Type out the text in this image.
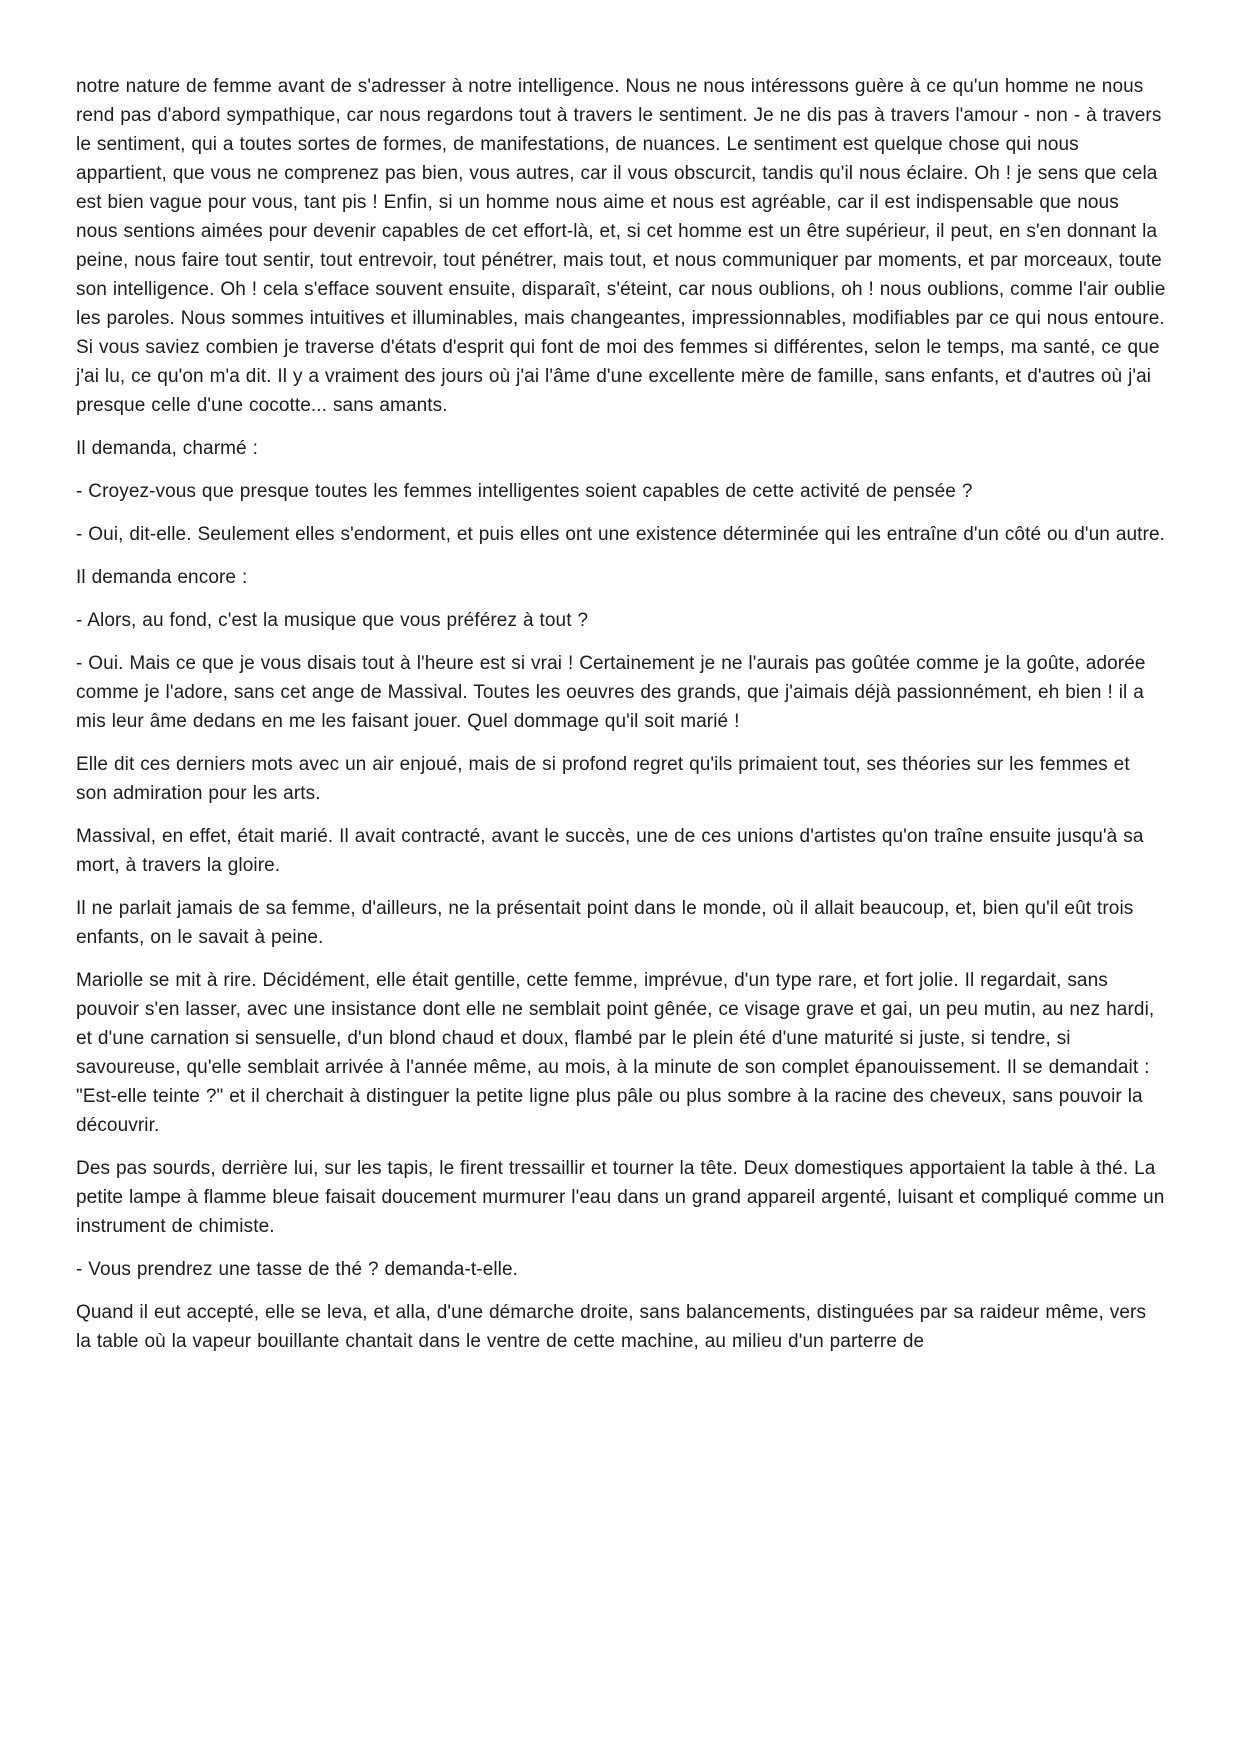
notre nature de femme avant de s'adresser à notre intelligence. Nous ne nous intéressons guère à ce qu'un homme ne nous rend pas d'abord sympathique, car nous regardons tout à travers le sentiment. Je ne dis pas à travers l'amour - non - à travers le sentiment, qui a toutes sortes de formes, de manifestations, de nuances. Le sentiment est quelque chose qui nous appartient, que vous ne comprenez pas bien, vous autres, car il vous obscurcit, tandis qu'il nous éclaire. Oh ! je sens que cela est bien vague pour vous, tant pis ! Enfin, si un homme nous aime et nous est agréable, car il est indispensable que nous nous sentions aimées pour devenir capables de cet effort-là, et, si cet homme est un être supérieur, il peut, en s'en donnant la peine, nous faire tout sentir, tout entrevoir, tout pénétrer, mais tout, et nous communiquer par moments, et par morceaux, toute son intelligence. Oh ! cela s'efface souvent ensuite, disparaît, s'éteint, car nous oublions, oh ! nous oublions, comme l'air oublie les paroles. Nous sommes intuitives et illuminables, mais changeantes, impressionnables, modifiables par ce qui nous entoure. Si vous saviez combien je traverse d'états d'esprit qui font de moi des femmes si différentes, selon le temps, ma santé, ce que j'ai lu, ce qu'on m'a dit. Il y a vraiment des jours où j'ai l'âme d'une excellente mère de famille, sans enfants, et d'autres où j'ai presque celle d'une cocotte... sans amants.

Il demanda, charmé :

- Croyez-vous que presque toutes les femmes intelligentes soient capables de cette activité de pensée ?

- Oui, dit-elle. Seulement elles s'endorment, et puis elles ont une existence déterminée qui les entraîne d'un côté ou d'un autre.

Il demanda encore :

- Alors, au fond, c'est la musique que vous préférez à tout ?

- Oui. Mais ce que je vous disais tout à l'heure est si vrai ! Certainement je ne l'aurais pas goûtée comme je la goûte, adorée comme je l'adore, sans cet ange de Massival. Toutes les oeuvres des grands, que j'aimais déjà passionnément, eh bien ! il a mis leur âme dedans en me les faisant jouer. Quel dommage qu'il soit marié !

Elle dit ces derniers mots avec un air enjoué, mais de si profond regret qu'ils primaient tout, ses théories sur les femmes et son admiration pour les arts.

Massival, en effet, était marié. Il avait contracté, avant le succès, une de ces unions d'artistes qu'on traîne ensuite jusqu'à sa mort, à travers la gloire.

Il ne parlait jamais de sa femme, d'ailleurs, ne la présentait point dans le monde, où il allait beaucoup, et, bien qu'il eût trois enfants, on le savait à peine.

Mariolle se mit à rire. Décidément, elle était gentille, cette femme, imprévue, d'un type rare, et fort jolie. Il regardait, sans pouvoir s'en lasser, avec une insistance dont elle ne semblait point gênée, ce visage grave et gai, un peu mutin, au nez hardi, et d'une carnation si sensuelle, d'un blond chaud et doux, flambé par le plein été d'une maturité si juste, si tendre, si savoureuse, qu'elle semblait arrivée à l'année même, au mois, à la minute de son complet épanouissement. Il se demandait : "Est-elle teinte ?" et il cherchait à distinguer la petite ligne plus pâle ou plus sombre à la racine des cheveux, sans pouvoir la découvrir.

Des pas sourds, derrière lui, sur les tapis, le firent tressaillir et tourner la tête. Deux domestiques apportaient la table à thé. La petite lampe à flamme bleue faisait doucement murmurer l'eau dans un grand appareil argenté, luisant et compliqué comme un instrument de chimiste.

- Vous prendrez une tasse de thé ? demanda-t-elle.

Quand il eut accepté, elle se leva, et alla, d'une démarche droite, sans balancements, distinguées par sa raideur même, vers la table où la vapeur bouillante chantait dans le ventre de cette machine, au milieu d'un parterre de
